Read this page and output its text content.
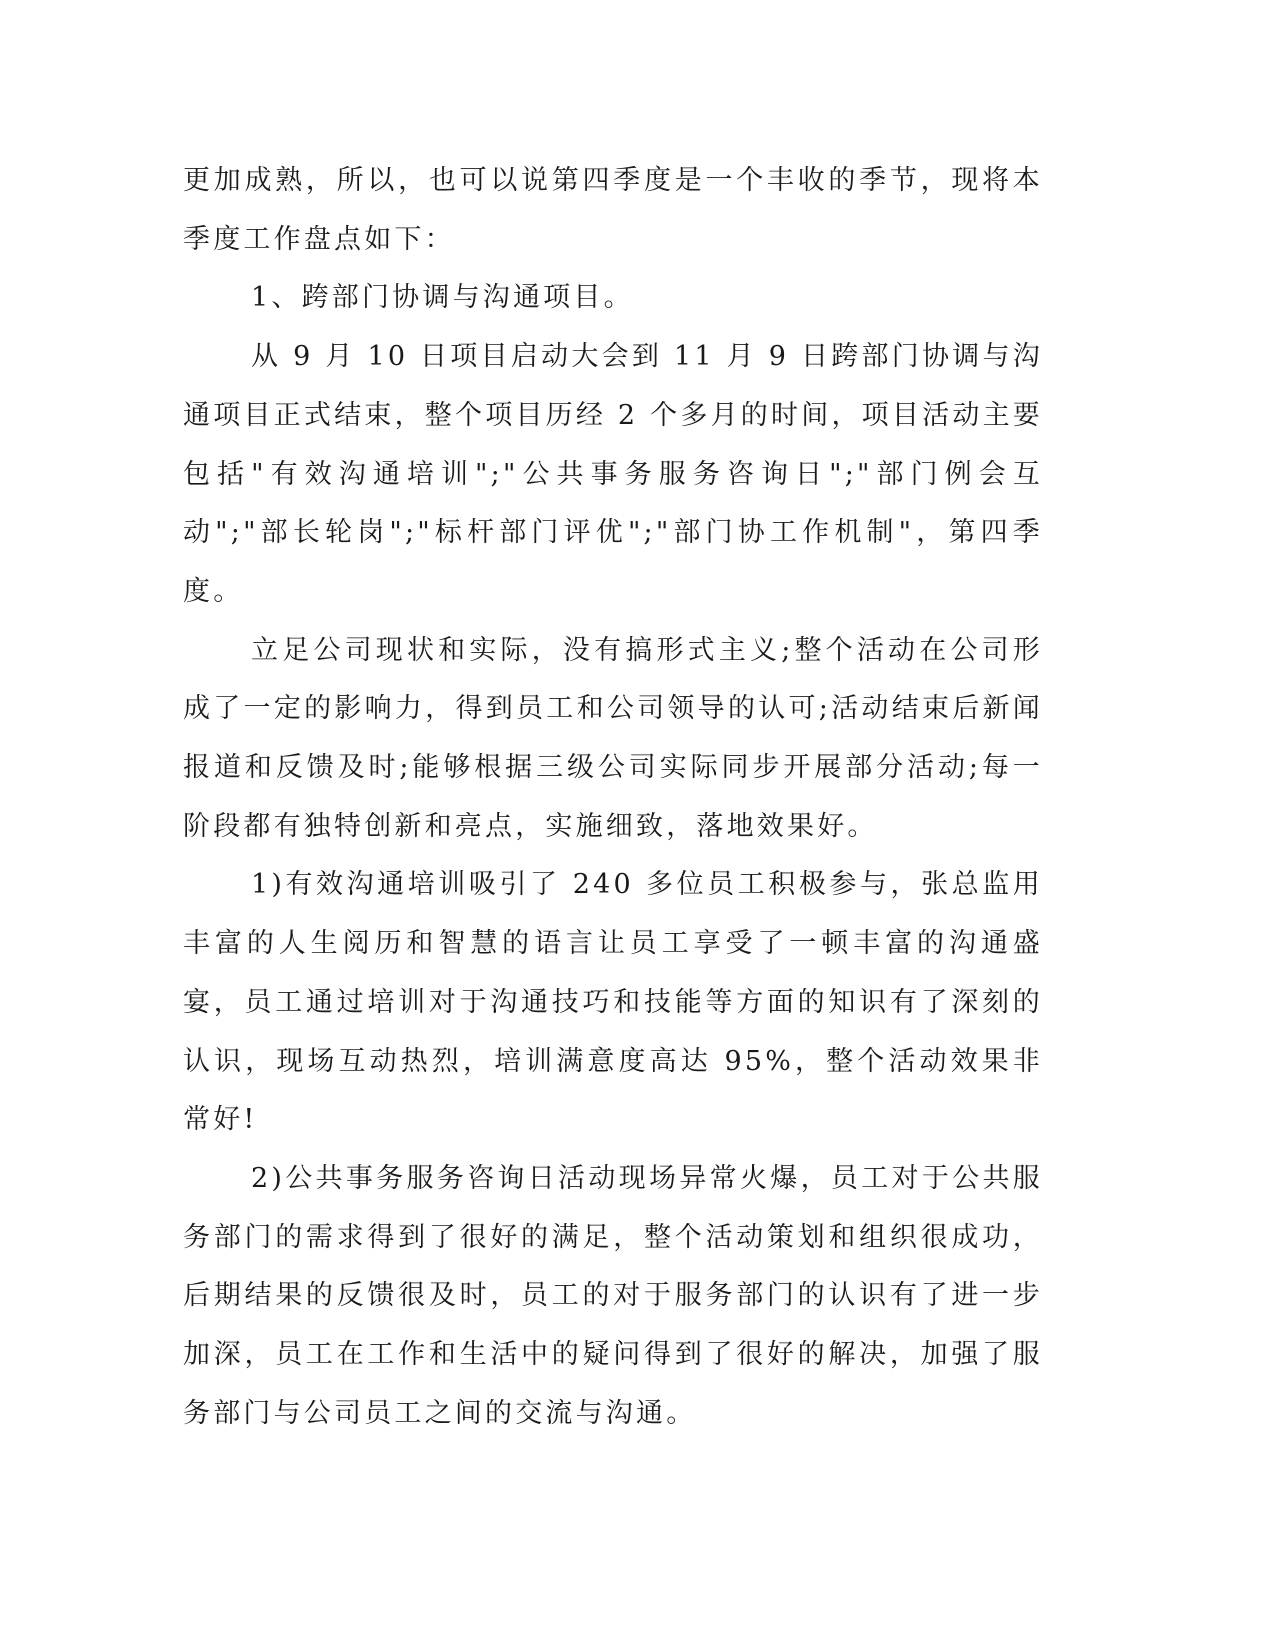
更加成熟，所以，也可以说第四季度是一个丰收的季节，现将本季度工作盘点如下：

1、跨部门协调与沟通项目。

从 9 月 10 日项目启动大会到 11 月 9 日跨部门协调与沟通项目正式结束，整个项目历经 2 个多月的时间，项目活动主要包括"有效沟通培训";"公共事务服务咨询日";"部门例会互动";"部长轮岗";"标杆部门评优";"部门协工作机制"，第四季度。

立足公司现状和实际，没有搞形式主义;整个活动在公司形成了一定的影响力，得到员工和公司领导的认可;活动结束后新闻报道和反馈及时;能够根据三级公司实际同步开展部分活动;每一阶段都有独特创新和亮点，实施细致，落地效果好。

1)有效沟通培训吸引了 240 多位员工积极参与，张总监用丰富的人生阅历和智慧的语言让员工享受了一顿丰富的沟通盛宴，员工通过培训对于沟通技巧和技能等方面的知识有了深刻的认识，现场互动热烈，培训满意度高达 95%，整个活动效果非常好!

2)公共事务服务咨询日活动现场异常火爆，员工对于公共服务部门的需求得到了很好的满足，整个活动策划和组织很成功，后期结果的反馈很及时，员工的对于服务部门的认识有了进一步加深，员工在工作和生活中的疑问得到了很好的解决，加强了服务部门与公司员工之间的交流与沟通。
